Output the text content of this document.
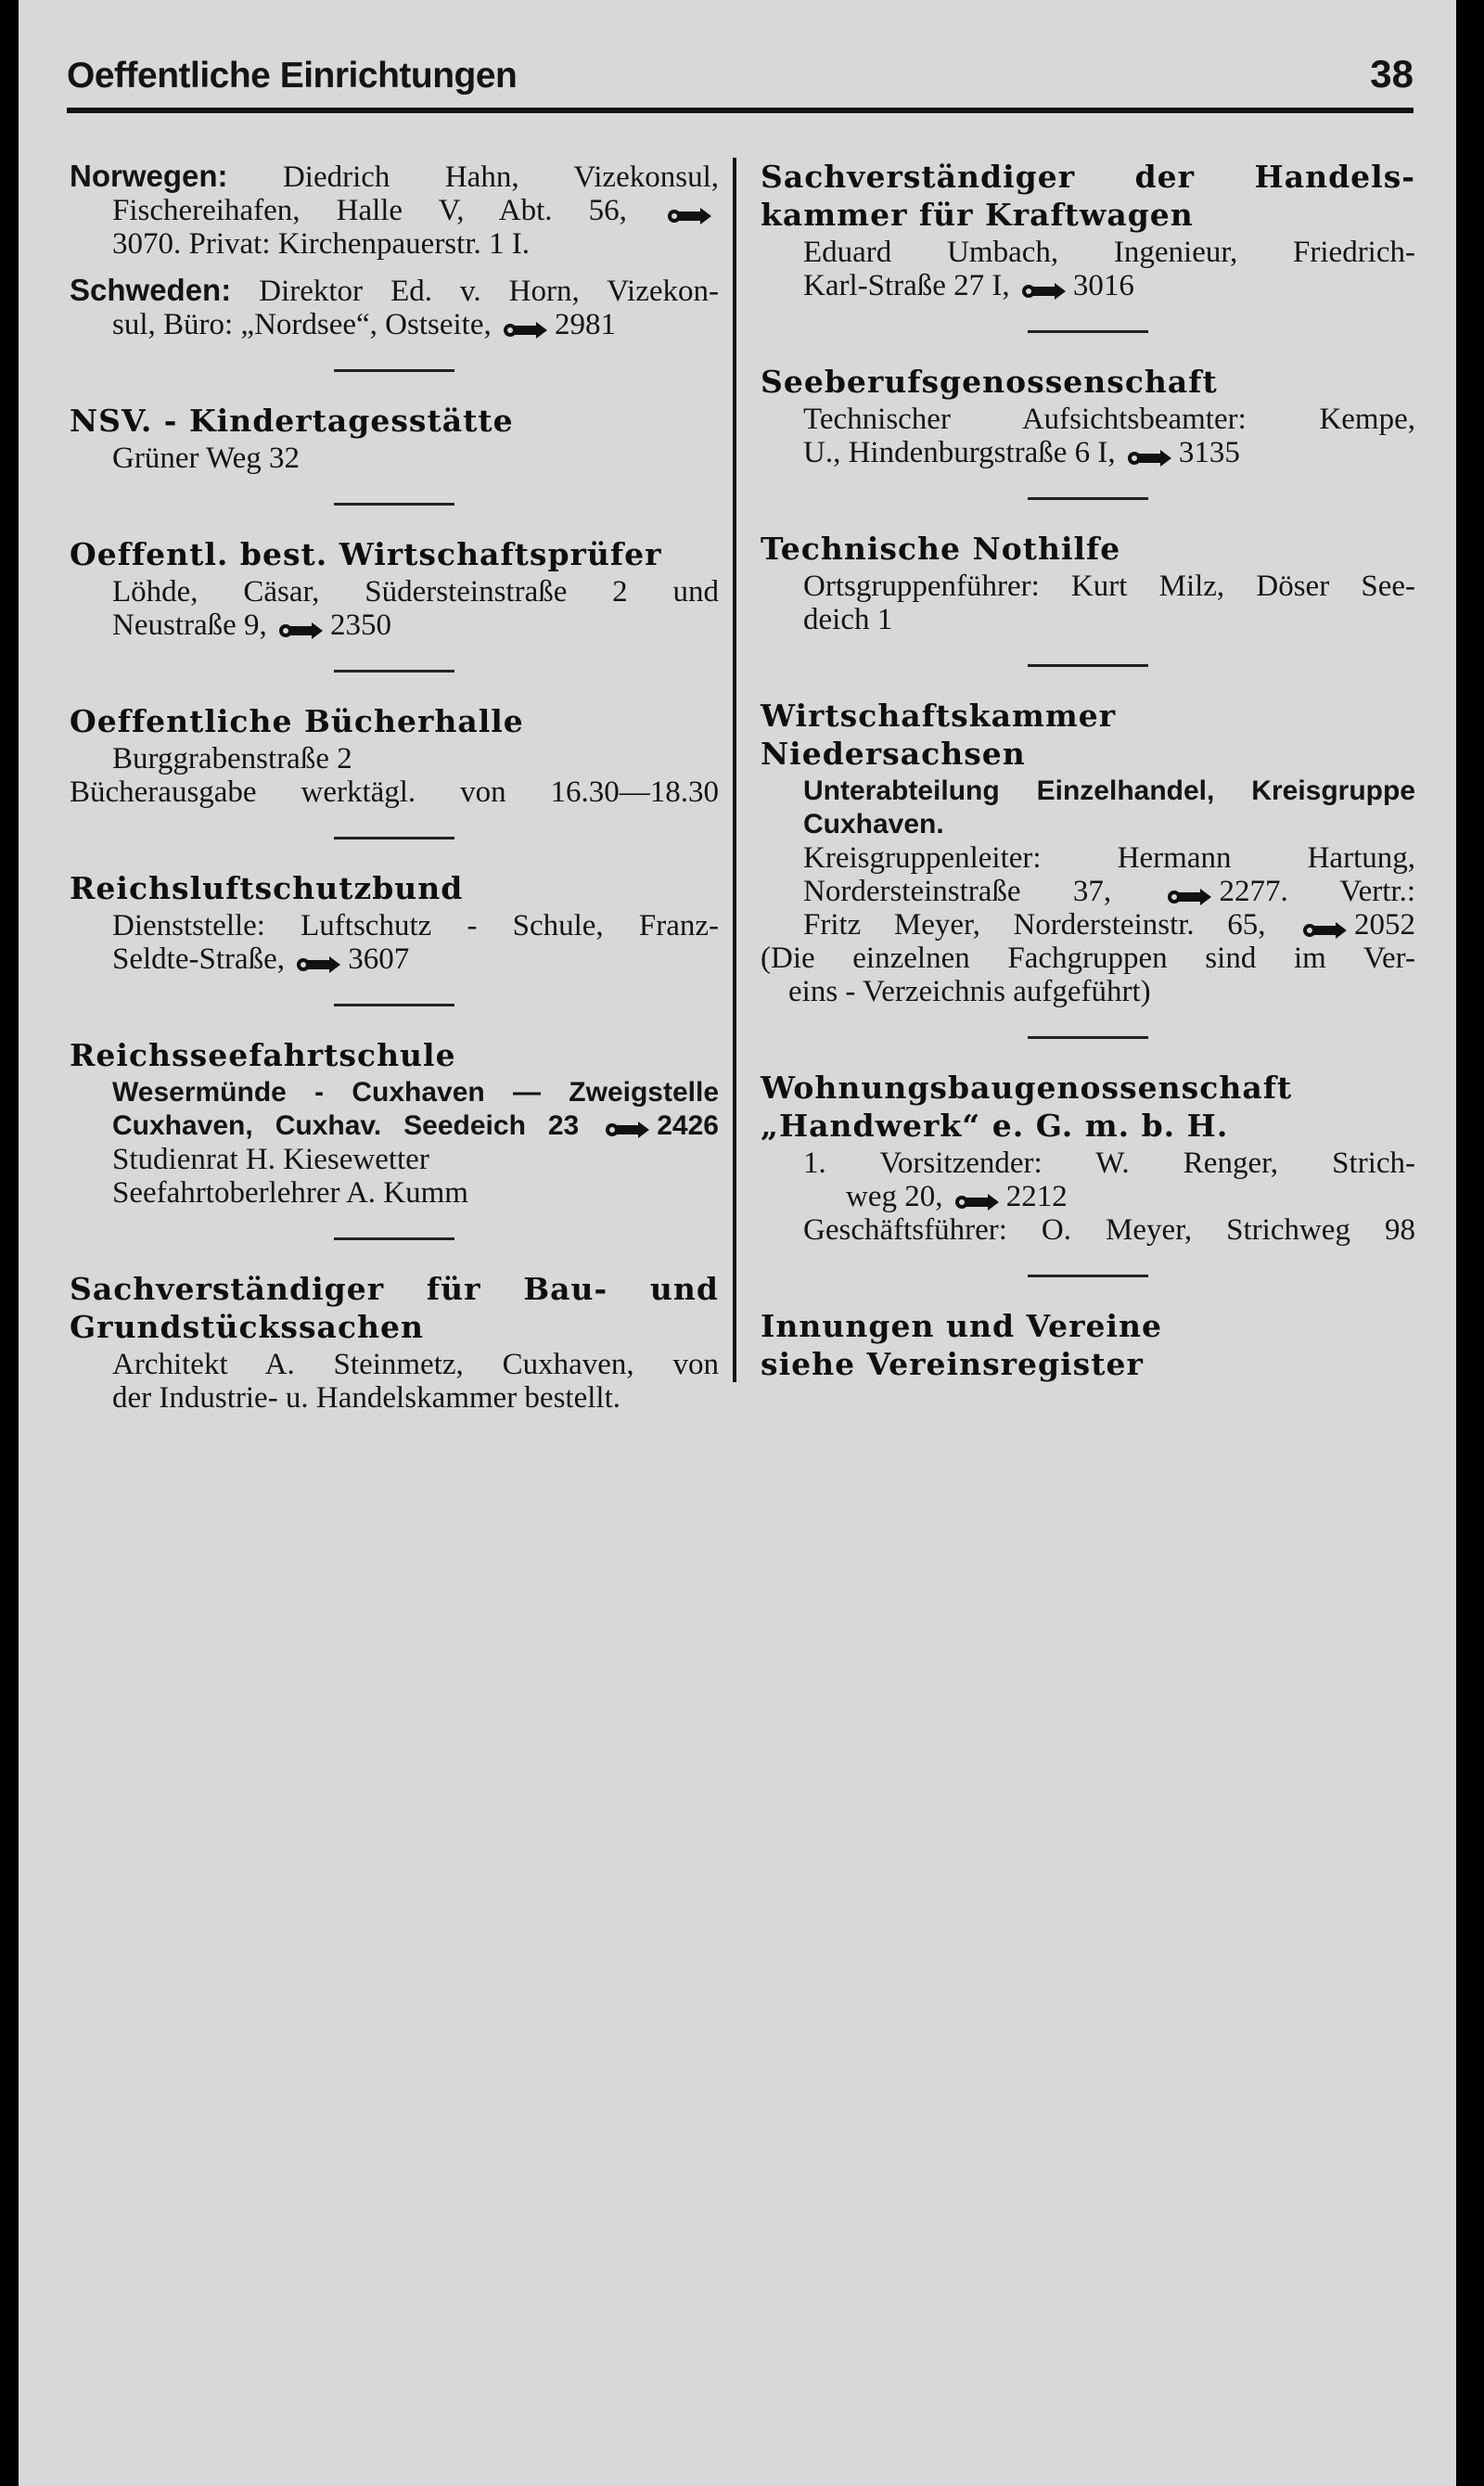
Oeffentliche Einrichtungen	38
Norwegen: Diedrich Hahn, Vizekonsul,
Fischereihafen, Halle V, Abt. 56,
3070. Privat: Kirchenpauerstr. 1 I.
Schweden: Direktor Ed. v. Horn, Vizekon-
sul, Büro: „Nordsee“, Ostseite, 2981
NSV. - Kindertagesstätte
Grüner Weg 32
Oeffentl. best. Wirtschaftsprüfer
Löhde, Cäsar, Südersteinstraße 2 und
Neustraße 9, 2350
Oeffentliche Bücherhalle
Burggrabenstraße 2
Bücherausgabe werktägl. von 16.30—18.30
Reichsluftschutzbund
Dienststelle: Luftschutz - Schule, Franz-
Seldte-Straße, 3607
Reichsseefahrtschule
Wesermünde - Cuxhaven — Zweigstelle
Cuxhaven, Cuxhav. Seedeich 23	2426
Studienrat H. Kiesewetter
Seefahrtoberlehrer A. Kumm
Sachverständiger für Bau- und
Grundstückssachen
Architekt A. Steinmetz, Cuxhaven, von
der Industrie- u. Handelskammer bestellt.
Sachverständiger der Handels-
kammer für Kraftwagen
Eduard Umbach, Ingenieur, Friedrich-
Karl-Straße 27 I, 3016
Seeberufsgenossenschaft
Technischer Aufsichtsbeamter: Kempe,
U., Hindenburgstraße 6 I, 3135
Technische Nothilfe
Ortsgruppenführer: Kurt Milz, Döser See-
deich 1
Wirtschaftskammer
Niedersachsen
Unterabteilung Einzelhandel, Kreisgruppe
Cuxhaven.
Kreisgruppenleiter: Hermann Hartung,
Nordersteinstraße 37,	2277. Vertr.:
Fritz Meyer, Nordersteinstr. 65,	2052
(Die einzelnen Fachgruppen sind im Ver-
eins - Verzeichnis aufgeführt)
Wohnungsbaugenossenschaft
„Handwerk“ e. G. m. b. H.
1. Vorsitzender: W. Renger, Strich-
weg 20, 2212
Geschäftsführer: O. Meyer, Strichweg 98
Innungen und Vereine
siehe Vereinsregister
